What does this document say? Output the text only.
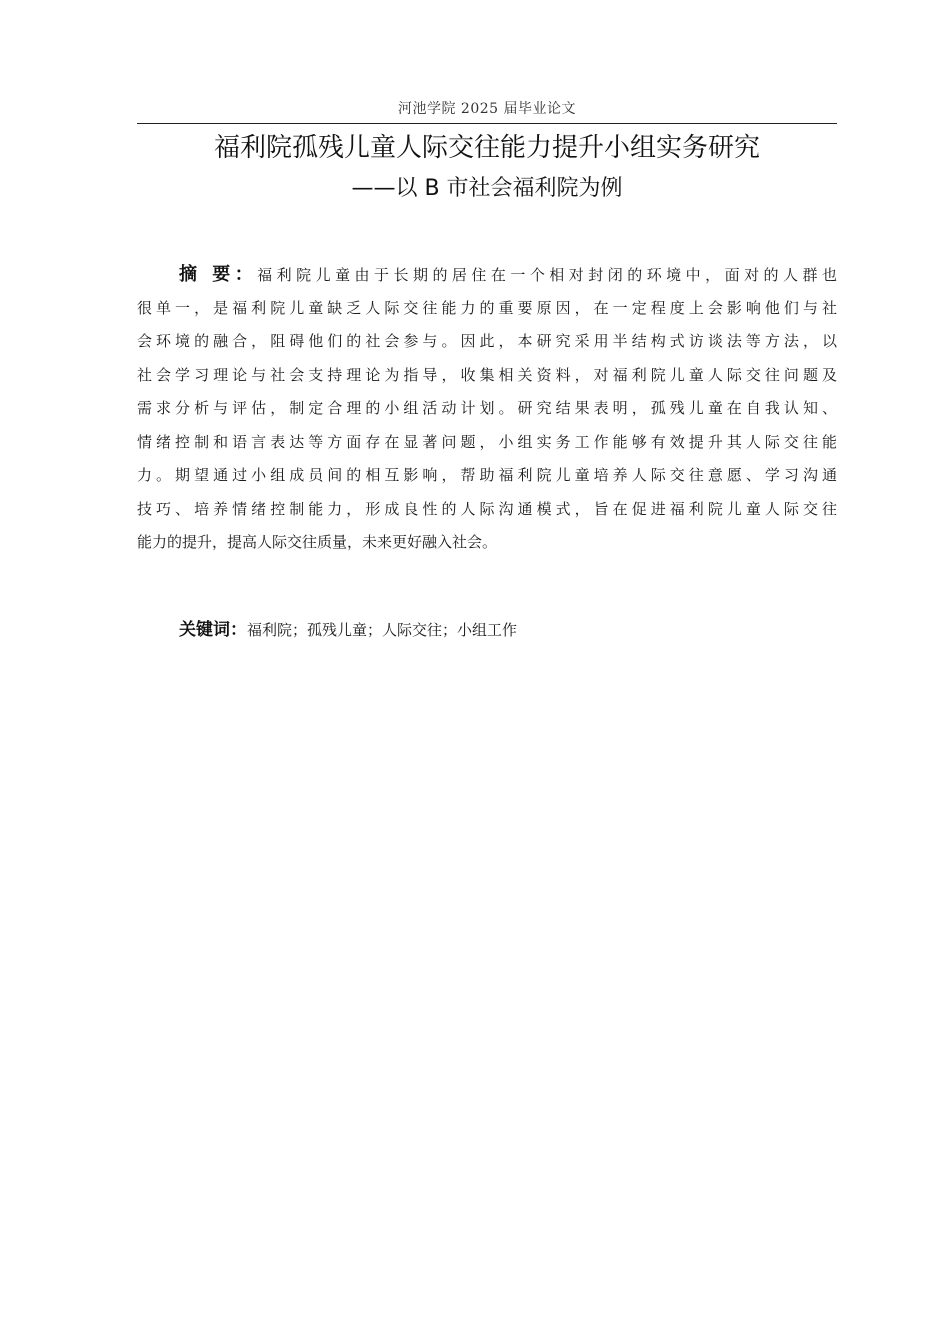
河池学院 2025 届毕业论文
福利院孤残儿童人际交往能力提升小组实务研究
——以 B 市社会福利院为例
摘 要：福利院儿童由于长期的居住在一个相对封闭的环境中，面对的人群也
很单一，是福利院儿童缺乏人际交往能力的重要原因，在一定程度上会影响他们与社
会环境的融合，阻碍他们的社会参与。因此，本研究采用半结构式访谈法等方法，以
社会学习理论与社会支持理论为指导，收集相关资料，对福利院儿童人际交往问题及
需求分析与评估，制定合理的小组活动计划。研究结果表明，孤残儿童在自我认知、
情绪控制和语言表达等方面存在显著问题，小组实务工作能够有效提升其人际交往能
力。期望通过小组成员间的相互影响，帮助福利院儿童培养人际交往意愿、学习沟通
技巧、培养情绪控制能力，形成良性的人际沟通模式，旨在促进福利院儿童人际交往
能力的提升，提高人际交往质量，未来更好融入社会。
关键词：福利院；孤残儿童；人际交往；小组工作
